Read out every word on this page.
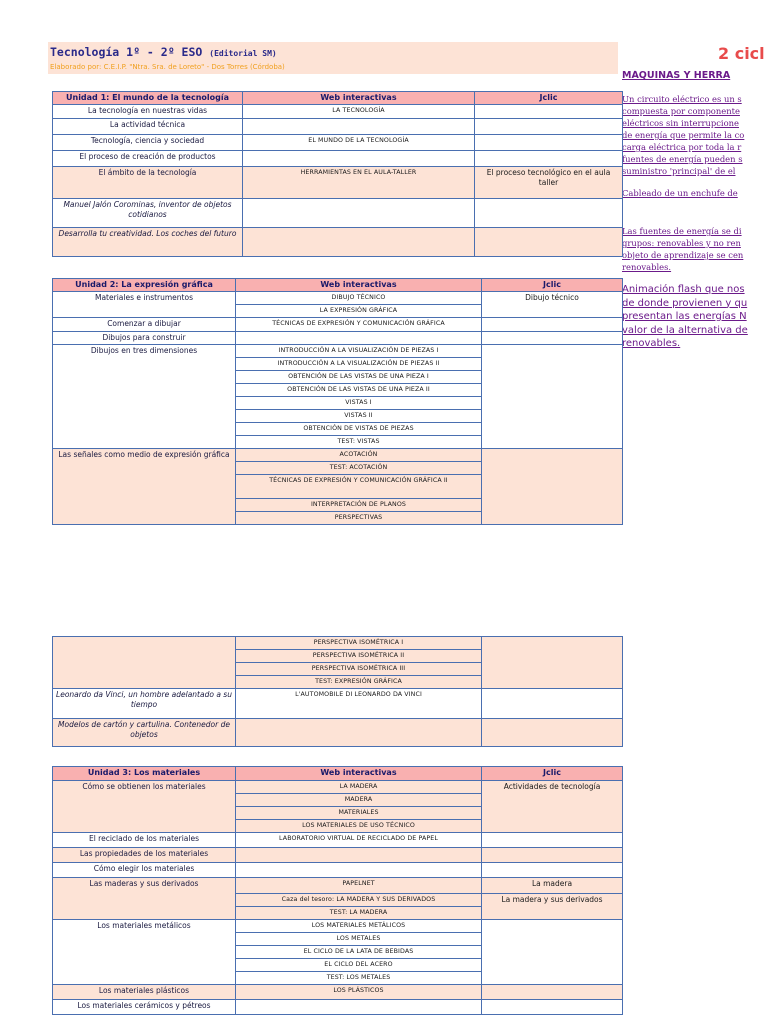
Tecnología 1º - 2º ESO (Editorial SM)
Elaborado por: C.E.I.P. "Ntra. Sra. de Loreto" - Dos Torres (Córdoba)
2 cicl
MÁQUINAS Y HERRA

Un circuito eléctrico es un s
compuesta por componente
eléctricos sin interrupcione
de energía que permite la co
carga eléctrica por toda la r
fuentes de energía pueden s
suministro 'principal' de el

Cableado de un enchufe de

Las fuentes de energía se di
grupos: renovables y no ren
objeto de aprendizaje se cen
renovables.

Animación flash que nos
de donde provienen y qu
presentan las energías N
valor de la alternativa de
renovables.

Unidad 1: El mundo de la tecnología	Web interactivas	Jclic
La tecnología en nuestras vidas	LA TECNOLOGÍA	
La actividad técnica		
Tecnología, ciencia y sociedad	EL MUNDO DE LA TECNOLOGÍA	
El proceso de creación de productos		
El ámbito de la tecnología	HERRAMIENTAS EN EL AULA-TALLER	El proceso tecnológico en el aula taller
Manuel Jalón Corominas, inventor de objetos cotidianos		
Desarrolla tu creatividad. Los coches del futuro		
Unidad 2: La expresión gráfica	Web interactivas	Jclic
Materiales e instrumentos	DIBUJO TÉCNICO	Dibujo técnico
	LA EXPRESIÓN GRÁFICA	
Comenzar a dibujar	TÉCNICAS DE EXPRESIÓN Y COMUNICACIÓN GRÁFICA	
Dibujos para construir		
Dibujos en tres dimensiones	INTRODUCCIÓN A LA VISUALIZACIÓN DE PIEZAS I	
	INTRODUCCIÓN A LA VISUALIZACIÓN DE PIEZAS II	
	OBTENCIÓN DE LAS VISTAS DE UNA PIEZA I	
	OBTENCIÓN DE LAS VISTAS DE UNA PIEZA II	
	VISTAS I	
	VISTAS II	
	OBTENCIÓN DE VISTAS DE PIEZAS	
	TEST: VISTAS	
Las señales como medio de expresión gráfica	ACOTACIÓN	
	TEST: ACOTACIÓN	
	TÉCNICAS DE EXPRESIÓN Y COMUNICACIÓN GRÁFICA II	
	INTERPRETACIÓN DE PLANOS	
	PERSPECTIVAS	
	PERSPECTIVA ISOMÉTRICA I	
	PERSPECTIVA ISOMÉTRICA II	
	PERSPECTIVA ISOMÉTRICA III	
	TEST: EXPRESIÓN GRÁFICA	
Leonardo da Vinci, un hombre adelantado a su tiempo	L'AUTOMOBILE DI LEONARDO DA VINCI	
Modelos de cartón y cartulina. Contenedor de objetos		
Unidad 3: Los materiales	Web interactivas	Jclic
Cómo se obtienen los materiales	LA MADERA	Actividades de tecnología
	MADERA	
	MATERIALES	
	LOS MATERIALES DE USO TÉCNICO	
El reciclado de los materiales	LABORATORIO VIRTUAL DE RECICLADO DE PAPEL	
Las propiedades de los materiales		
Cómo elegir los materiales		
Las maderas y sus derivados	PAPELNET	La madera
	Caza del tesoro: LA MADERA Y SUS DERIVADOS	La madera y sus derivados
	TEST: LA MADERA	
Los materiales metálicos	LOS MATERIALES METÁLICOS	
	LOS METALES	
	EL CICLO DE LA LATA DE BEBIDAS	
	EL CICLO DEL ACERO	
	TEST: LOS METALES	
Los materiales plásticos	LOS PLÁSTICOS	
Los materiales cerámicos y pétreos		
